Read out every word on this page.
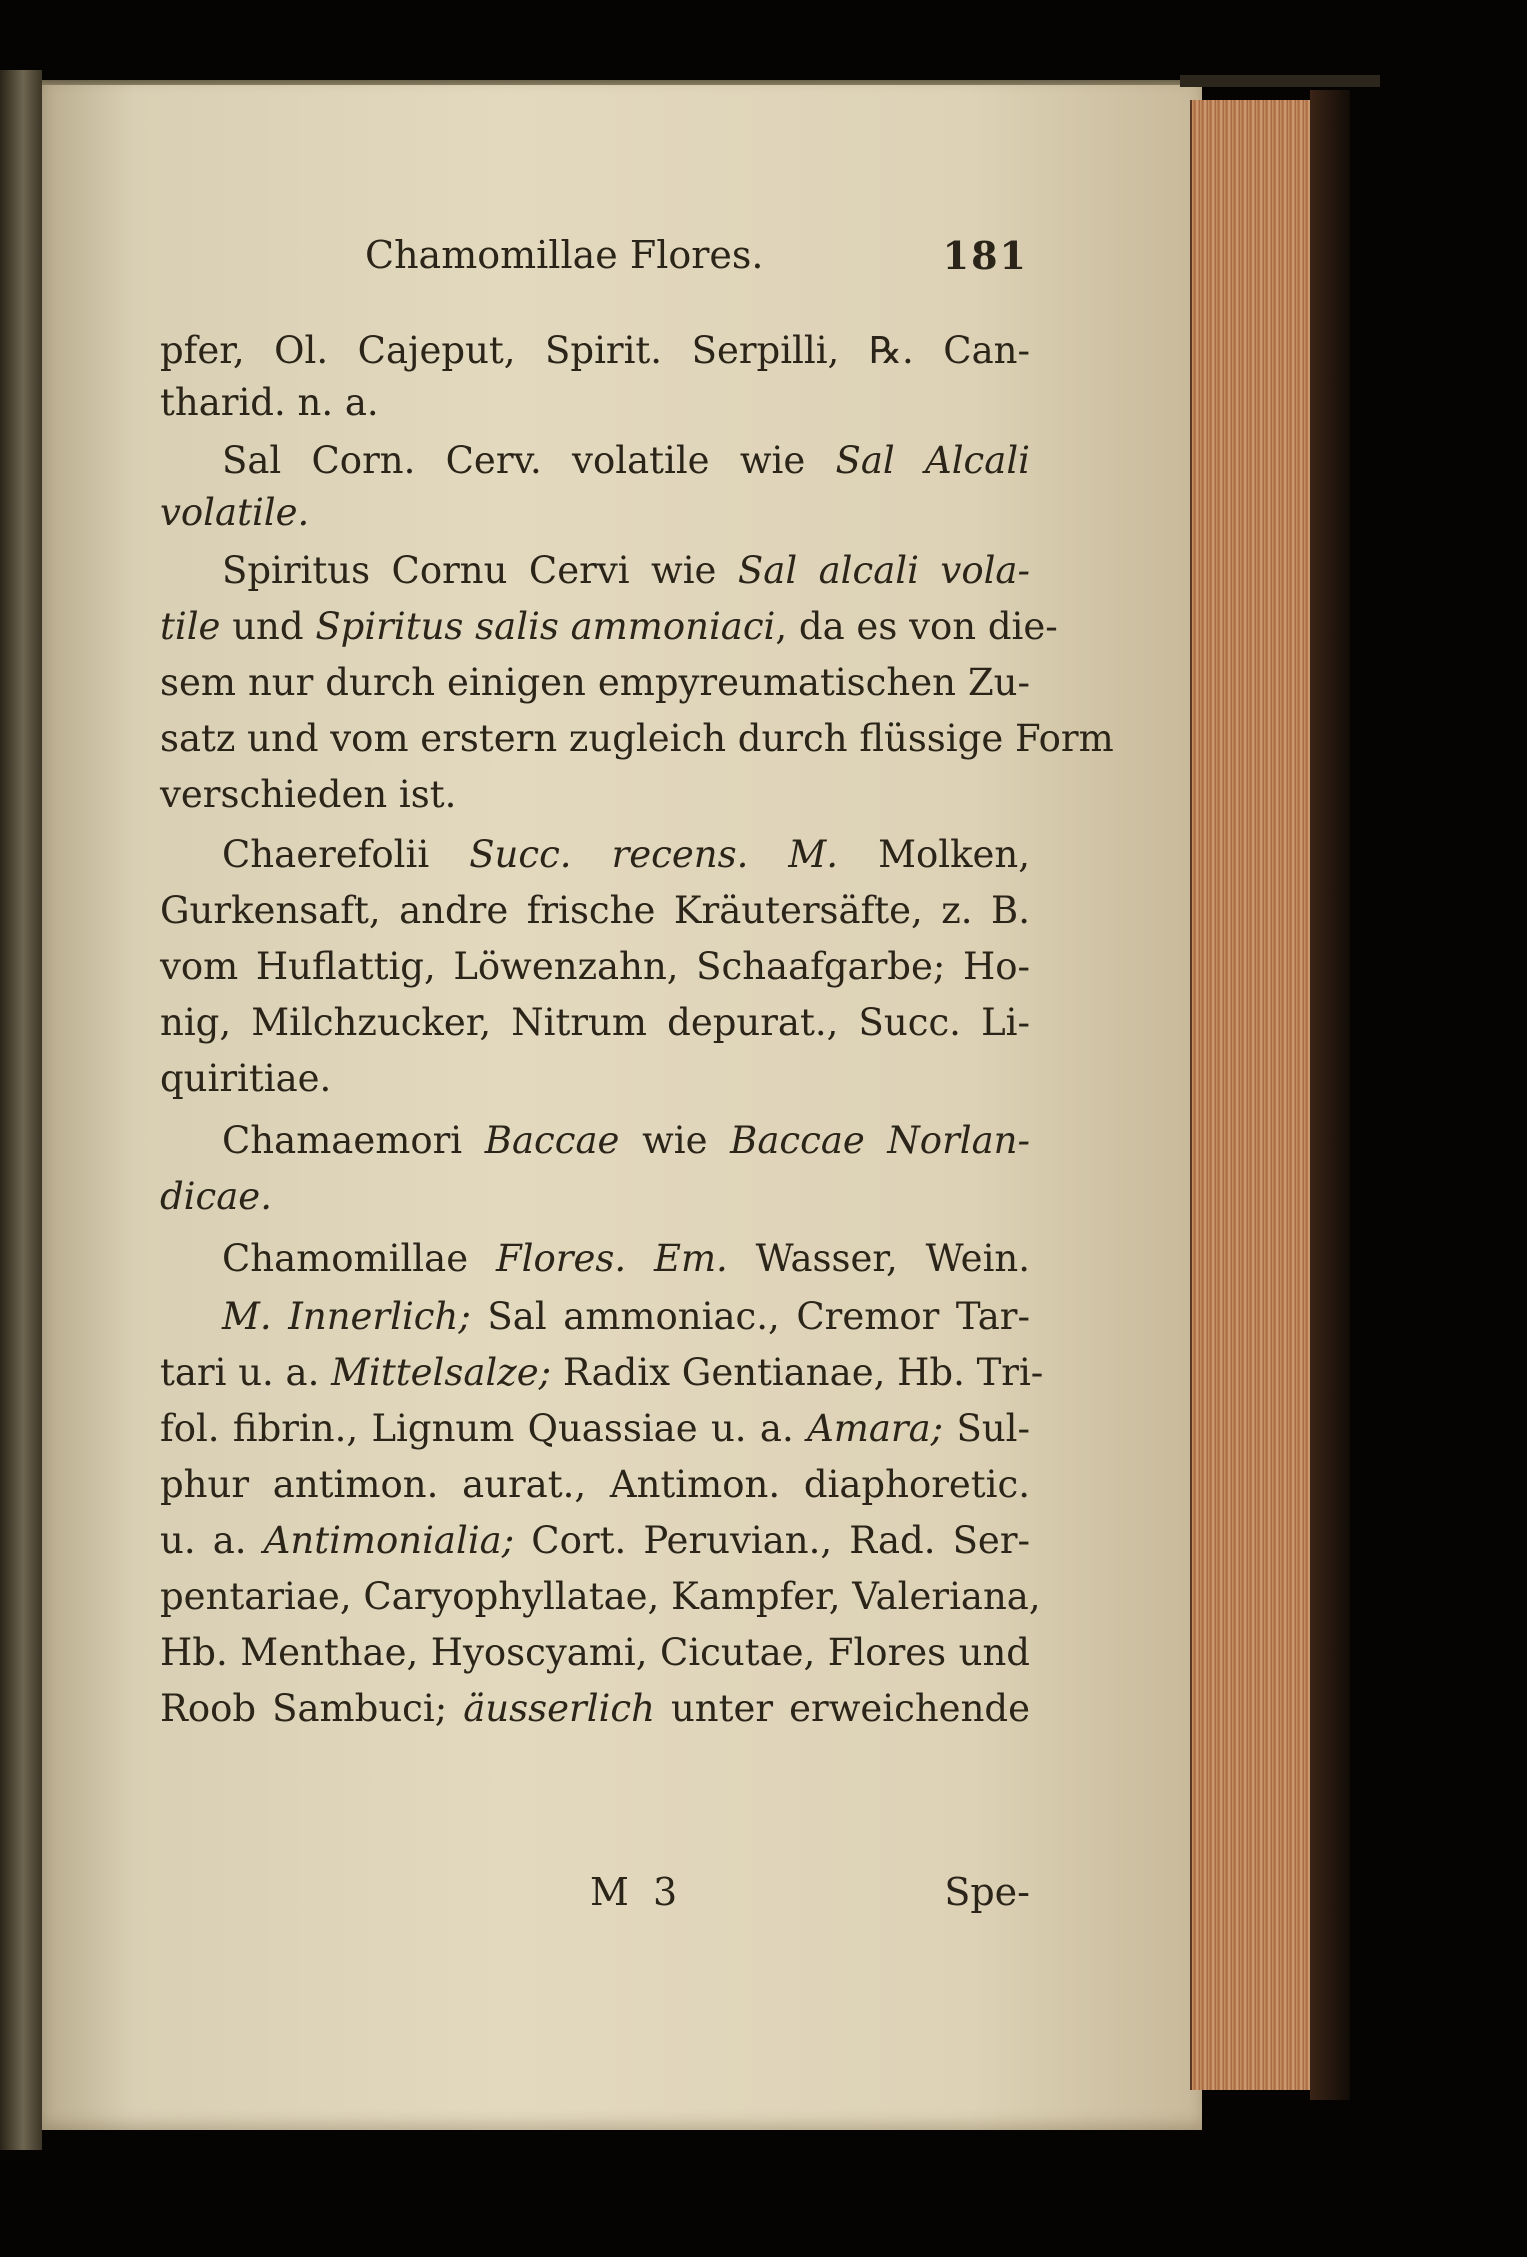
Chamomillae Flores.	181
pfer, Ol. Cajeput, Spirit. Serpilli, ℞. Can-
tharid. n. a.
Sal Corn. Cerv. volatile wie Sal Alcali
volatile.
Spiritus Cornu Cervi wie Sal alcali vola-
tile und Spiritus salis ammoniaci, da es von die-
sem nur durch einigen empyreumatischen Zu-
satz und vom erstern zugleich durch flüssige Form
verschieden ist.
Chaerefolii Succ. recens. M. Molken,
Gurkensaft, andre frische Kräutersäfte, z. B.
vom Huflattig, Löwenzahn, Schaafgarbe; Ho-
nig, Milchzucker, Nitrum depurat., Succ. Li-
quiritiae.
Chamaemori Baccae wie Baccae Norlan-
dicae.
Chamomillae Flores. Em. Wasser, Wein.
M. Innerlich; Sal ammoniac., Cremor Tar-
tari u. a. Mittelsalze; Radix Gentianae, Hb. Tri-
fol. fibrin., Lignum Quassiae u. a. Amara; Sul-
phur antimon. aurat., Antimon. diaphoretic.
u. a. Antimonialia; Cort. Peruvian., Rad. Ser-
pentariae, Caryophyllatae, Kampfer, Valeriana,
Hb. Menthae, Hyoscyami, Cicutae, Flores und
Roob Sambuci; äusserlich unter erweichende
M 3	Spe-
